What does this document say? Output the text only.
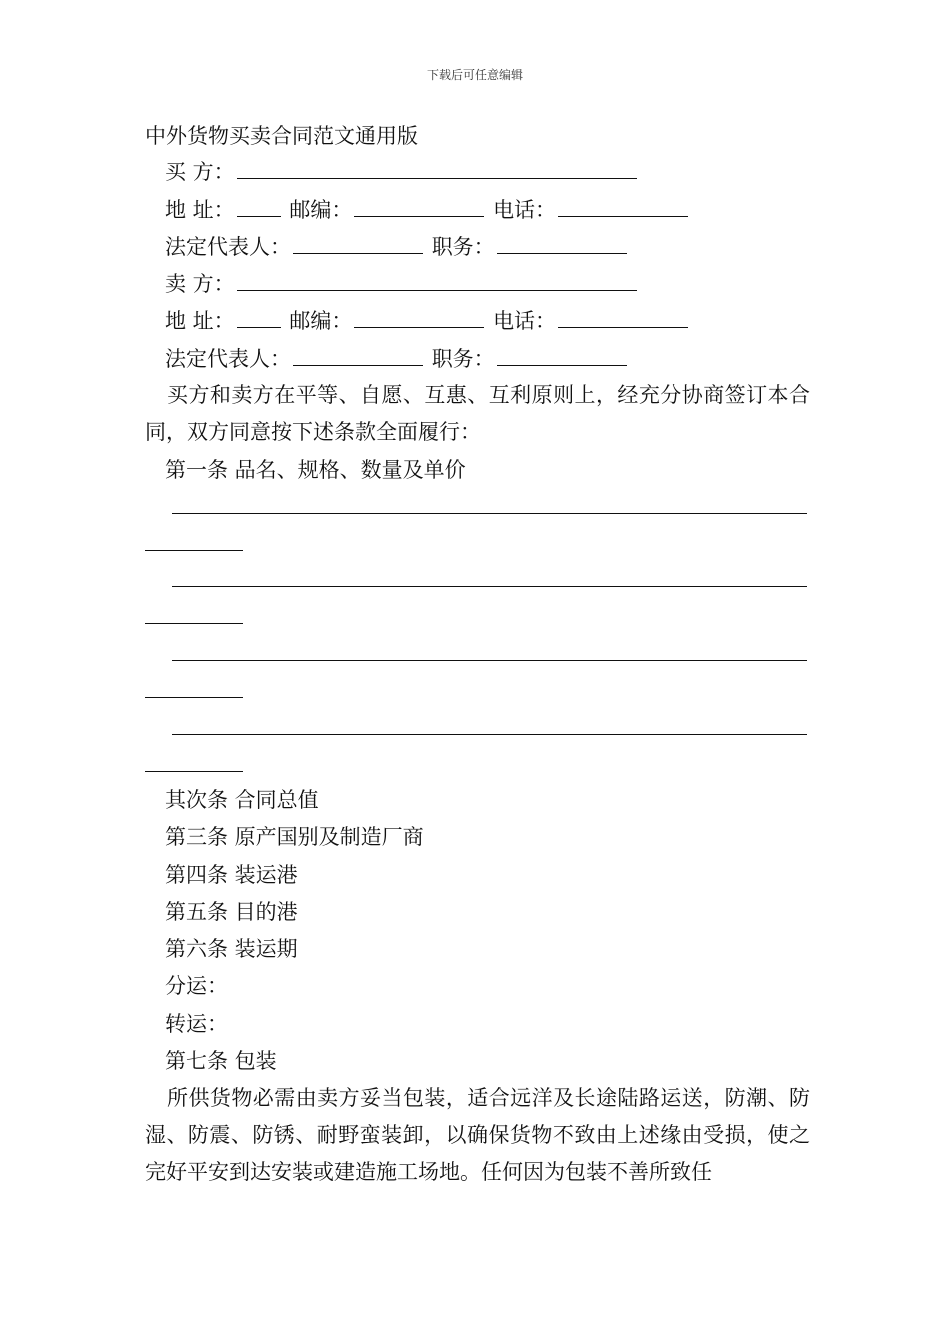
下载后可任意编辑
中外货物买卖合同范文通用版
买 方：
地 址：	邮编：	电话：
法定代表人：	职务：
卖 方：
地 址：	邮编：	电话：
法定代表人：	职务：
买方和卖方在平等、自愿、互惠、互利原则上，经充分协商签订本合同，双方同意按下述条款全面履行：
第一条 品名、规格、数量及单价
其次条 合同总值
第三条 原产国别及制造厂商
第四条 装运港
第五条 目的港
第六条 装运期
分运：
转运：
第七条 包装
所供货物必需由卖方妥当包装，适合远洋及长途陆路运送，防潮、防湿、防震、防锈、耐野蛮装卸，以确保货物不致由上述缘由受损，使之完好平安到达安装或建造施工场地。任何因为包装不善所致任
